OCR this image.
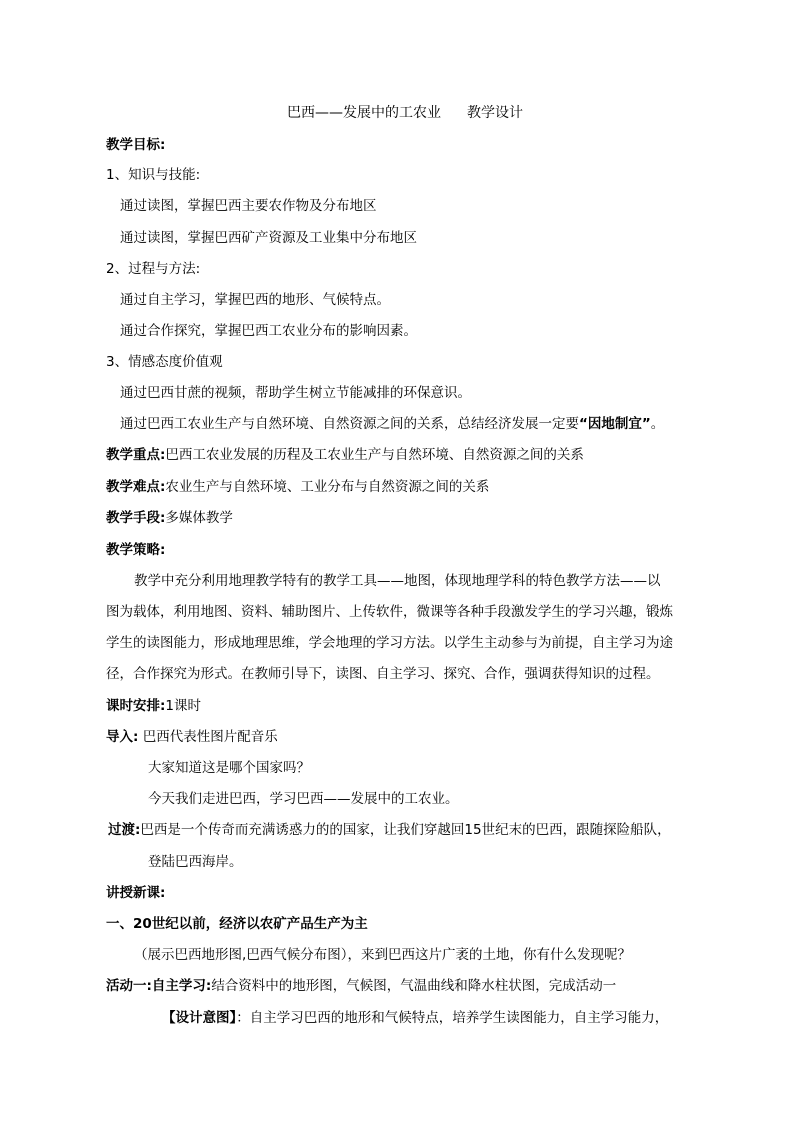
巴西——发展中的工农业 教学设计
教学目标:
1、知识与技能:
通过读图，掌握巴西主要农作物及分布地区
通过读图，掌握巴西矿产资源及工业集中分布地区
2、过程与方法:
通过自主学习，掌握巴西的地形、气候特点。
通过合作探究，掌握巴西工农业分布的影响因素。
3、情感态度价值观
通过巴西甘蔗的视频，帮助学生树立节能减排的环保意识。
通过巴西工农业生产与自然环境、自然资源之间的关系，总结经济发展一定要“因地制宜”。
教学重点:巴西工农业发展的历程及工农业生产与自然环境、自然资源之间的关系
教学难点:农业生产与自然环境、工业分布与自然资源之间的关系
教学手段:多媒体教学
教学策略:
教学中充分利用地理教学特有的教学工具——地图，体现地理学科的特色教学方法——以
图为载体，利用地图、资料、辅助图片、上传软件，微课等各种手段激发学生的学习兴趣，锻炼
学生的读图能力，形成地理思维，学会地理的学习方法。以学生主动参与为前提，自主学习为途
径，合作探究为形式。在教师引导下，读图、自主学习、探究、合作，强调获得知识的过程。
课时安排:1课时
导入: 巴西代表性图片配音乐
大家知道这是哪个国家吗？
今天我们走进巴西，学习巴西——发展中的工农业。
过渡:巴西是一个传奇而充满诱惑力的的国家，让我们穿越回15世纪末的巴西，跟随探险船队，
登陆巴西海岸。
讲授新课:
一、20世纪以前，经济以农矿产品生产为主
（展示巴西地形图,巴西气候分布图），来到巴西这片广袤的土地，你有什么发现呢？
活动一:自主学习:结合资料中的地形图，气候图，气温曲线和降水柱状图，完成活动一
【设计意图】：自主学习巴西的地形和气候特点，培养学生读图能力，自主学习能力，
